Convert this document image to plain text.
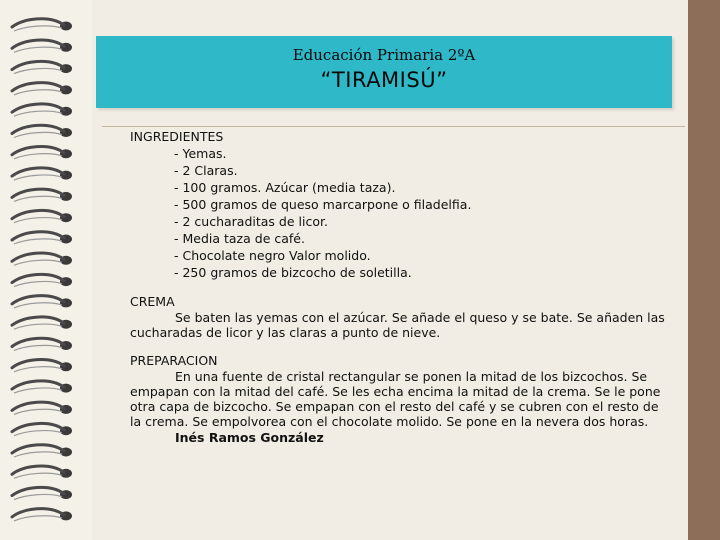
Educación Primaria 2ºA
“TIRAMISÚ”
INGREDIENTES
- Yemas.
- 2 Claras.
- 100 gramos. Azúcar (media taza).
- 500 gramos de queso marcarpone o filadelfia.
- 2 cucharaditas de licor.
- Media taza de café.
- Chocolate negro Valor molido.
- 250 gramos de bizcocho de soletilla.
CREMA

Se baten las yemas con el azúcar. Se añade el queso y se bate. Se añaden las cucharadas de licor y las claras a punto de nieve.

PREPARACION

En una fuente de cristal rectangular se ponen la mitad de los bizcochos. Se empapan con la mitad del café. Se les echa encima la mitad de la crema. Se le pone otra capa de bizcocho. Se empapan con el resto del café y se cubren con el resto de la crema. Se empolvorea con el chocolate molido. Se pone en la nevera dos horas.

Inés Ramos González
